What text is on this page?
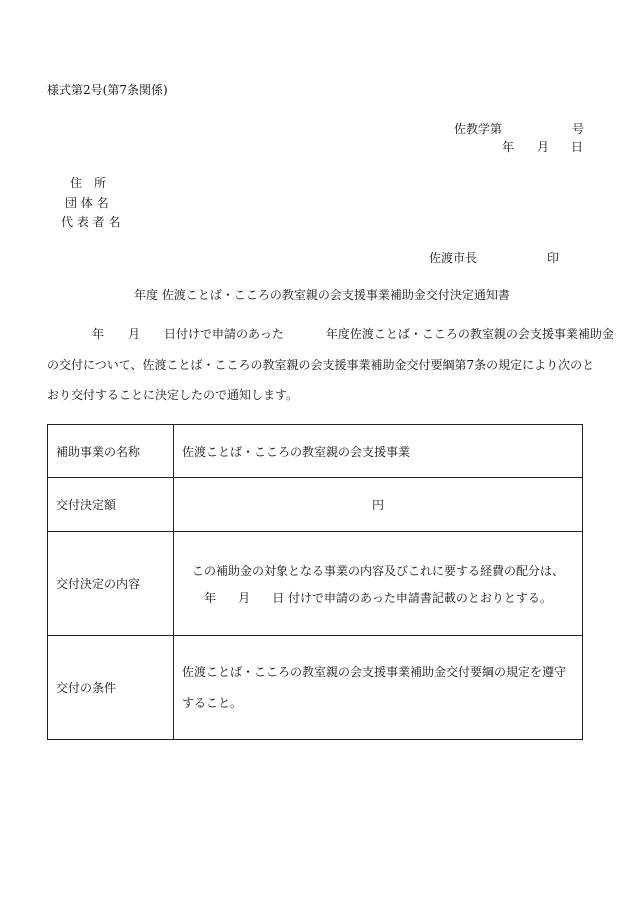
様式第2号(第7条関係)
佐教学第	号
年 月 日
住　所
団 体 名
代 表 者 名
佐渡市長	印
年度 佐渡ことば・こころの教室親の会支援事業補助金交付決定通知書
年 月 日付けで申請のあった	年度佐渡ことば・こころの教室親の会支援事業補助金
の交付について、佐渡ことば・こころの教室親の会支援事業補助金交付要綱第7条の規定により次のと
おり交付することに決定したので通知します。
補助事業の名称	佐渡ことば・こころの教室親の会支援事業
交付決定額	円
交付決定の内容	この補助金の対象となる事業の内容及びこれに要する経費の配分は、
年 月 日 付けで申請のあった申請書記載のとおりとする。

交付の条件	佐渡ことば・こころの教室親の会支援事業補助金交付要綱の規定を遵守
すること。
